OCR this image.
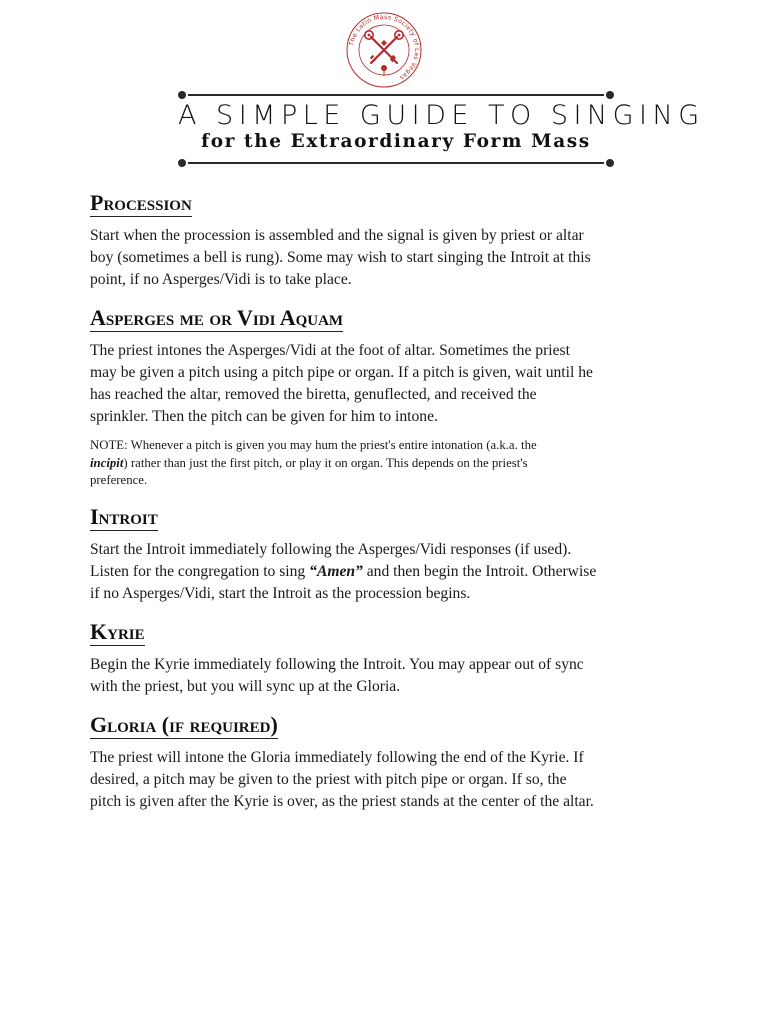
The Latin Mass Society of Las Vegas
A SIMPLE GUIDE TO SINGING
for the Extraordinary Form Mass
Procession

Start when the procession is assembled and the signal is given by priest or altar
boy (sometimes a bell is rung). Some may wish to start singing the Introit at this
point, if no Asperges/Vidi is to take place.

Asperges me or Vidi Aquam

The priest intones the Asperges/Vidi at the foot of altar. Sometimes the priest
may be given a pitch using a pitch pipe or organ. If a pitch is given, wait until he
has reached the altar, removed the biretta, genuflected, and received the
sprinkler. Then the pitch can be given for him to intone.

NOTE: Whenever a pitch is given you may hum the priest's entire intonation (a.k.a. the
incipit) rather than just the first pitch, or play it on organ. This depends on the priest's
preference.

Introit

Start the Introit immediately following the Asperges/Vidi responses (if used).
Listen for the congregation to sing “Amen” and then begin the Introit. Otherwise
if no Asperges/Vidi, start the Introit as the procession begins.

Kyrie

Begin the Kyrie immediately following the Introit. You may appear out of sync
with the priest, but you will sync up at the Gloria.

Gloria (if required)

The priest will intone the Gloria immediately following the end of the Kyrie. If
desired, a pitch may be given to the priest with pitch pipe or organ. If so, the
pitch is given after the Kyrie is over, as the priest stands at the center of the altar.
